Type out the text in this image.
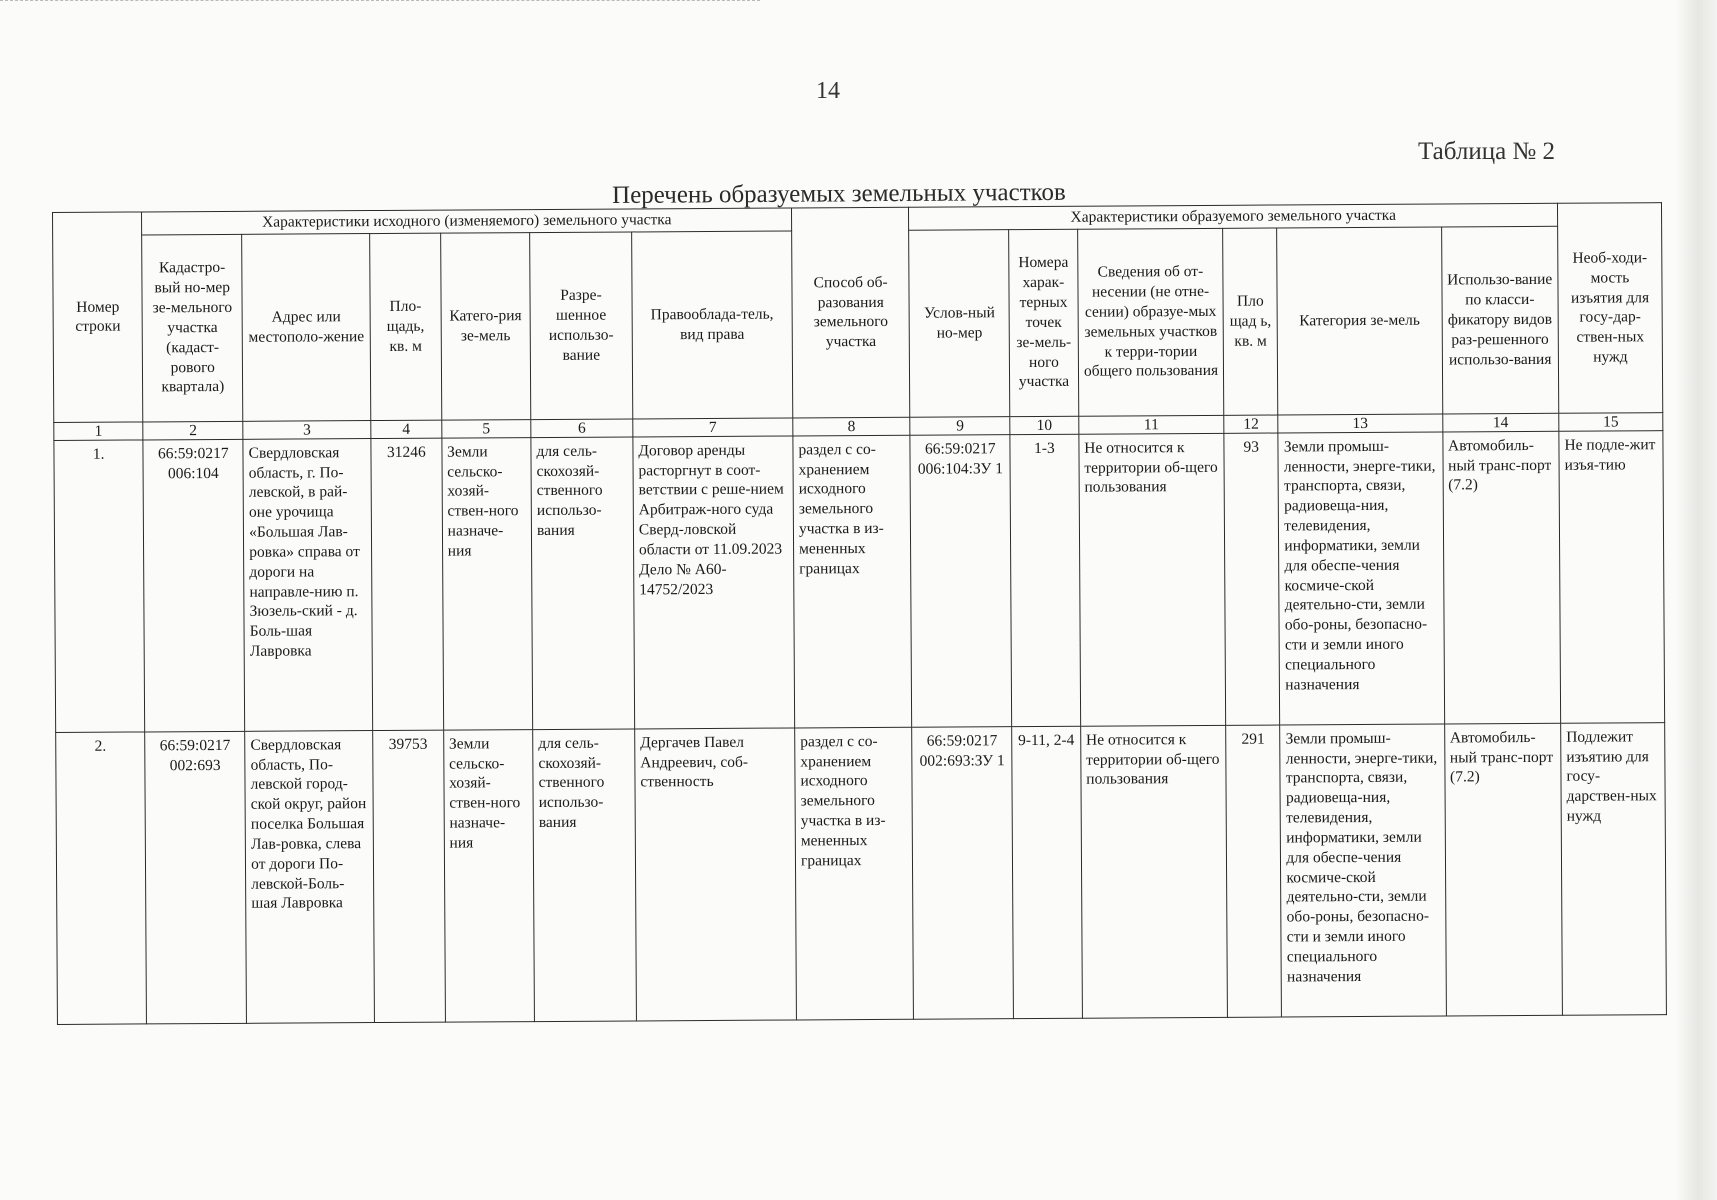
14
Таблица № 2
Перечень образуемых земельных участков
Номер строки	Характеристики исходного (изменяемого) земельного участка						Способ об-разования земельного участка	Характеристики образуемого земельного участка						Необ-ходи-мость изъятия для госу-дар-ствен-ных нужд
	Кадастро-вый но-мер зе-мельного участка (кадаст-рового квартала)	Адрес или местополо-жение	Пло-щадь, кв. м	Катего-рия зе-мель	Разре-шенное использо-вание	Правооблада-тель, вид права		Услов-ный но-мер	Номера харак-терных точек зе-мель-ного участка	Сведения об от-несении (не отне-сении) образуе-мых земельных участков к терри-тории общего пользования	Пло щад ь, кв. м	Категория зе-мель	Использо-вание по класси-фикатору видов раз-решенного использо-вания	
1	2	3	4	5	6	7	8	9	10	11	12	13	14	15
1.	66:59:0217 006:104	Свердловская область, г. По-левской, в рай-оне урочища «Большая Лав-ровка» справа от дороги на направле-нию п. Зюзель-ский - д. Боль-шая Лавровка	31246	Земли сельско-хозяй-ствен-ного назначе-ния	для сель-скохозяй-ственного использо-вания	Договор аренды расторгнут в соот-ветствии с реше-нием Арбитраж-ного суда Сверд-ловской области от 11.09.2023 Дело № А60-14752/2023	раздел с со-хранением исходного земельного участка в из-мененных границах	66:59:0217 006:104:ЗУ 1	1-3	Не относится к территории об-щего пользования	93	Земли промыш-ленности, энерге-тики, транспорта, связи, радиовеща-ния, телевидения, информатики, земли для обеспе-чения космиче-ской деятельно-сти, земли обо-роны, безопасно-сти и земли иного специального назначения	Автомобиль-ный транс-порт (7.2)	Не подле-жит изъя-тию
2.	66:59:0217 002:693	Свердловская область, По-левской город-ской округ, район поселка Большая Лав-ровка, слева от дороги По-левской-Боль-шая Лавровка	39753	Земли сельско-хозяй-ствен-ного назначе-ния	для сель-скохозяй-ственного использо-вания	Дергачев Павел Андреевич, соб-ственность	раздел с со-хранением исходного земельного участка в из-мененных границах	66:59:0217 002:693:ЗУ 1	9-11, 2-4	Не относится к территории об-щего пользования	291	Земли промыш-ленности, энерге-тики, транспорта, связи, радиовеща-ния, телевидения, информатики, земли для обеспе-чения космиче-ской деятельно-сти, земли обо-роны, безопасно-сти и земли иного специального назначения	Автомобиль-ный транс-порт (7.2)	Подлежит изъятию для госу-дарствен-ных нужд
